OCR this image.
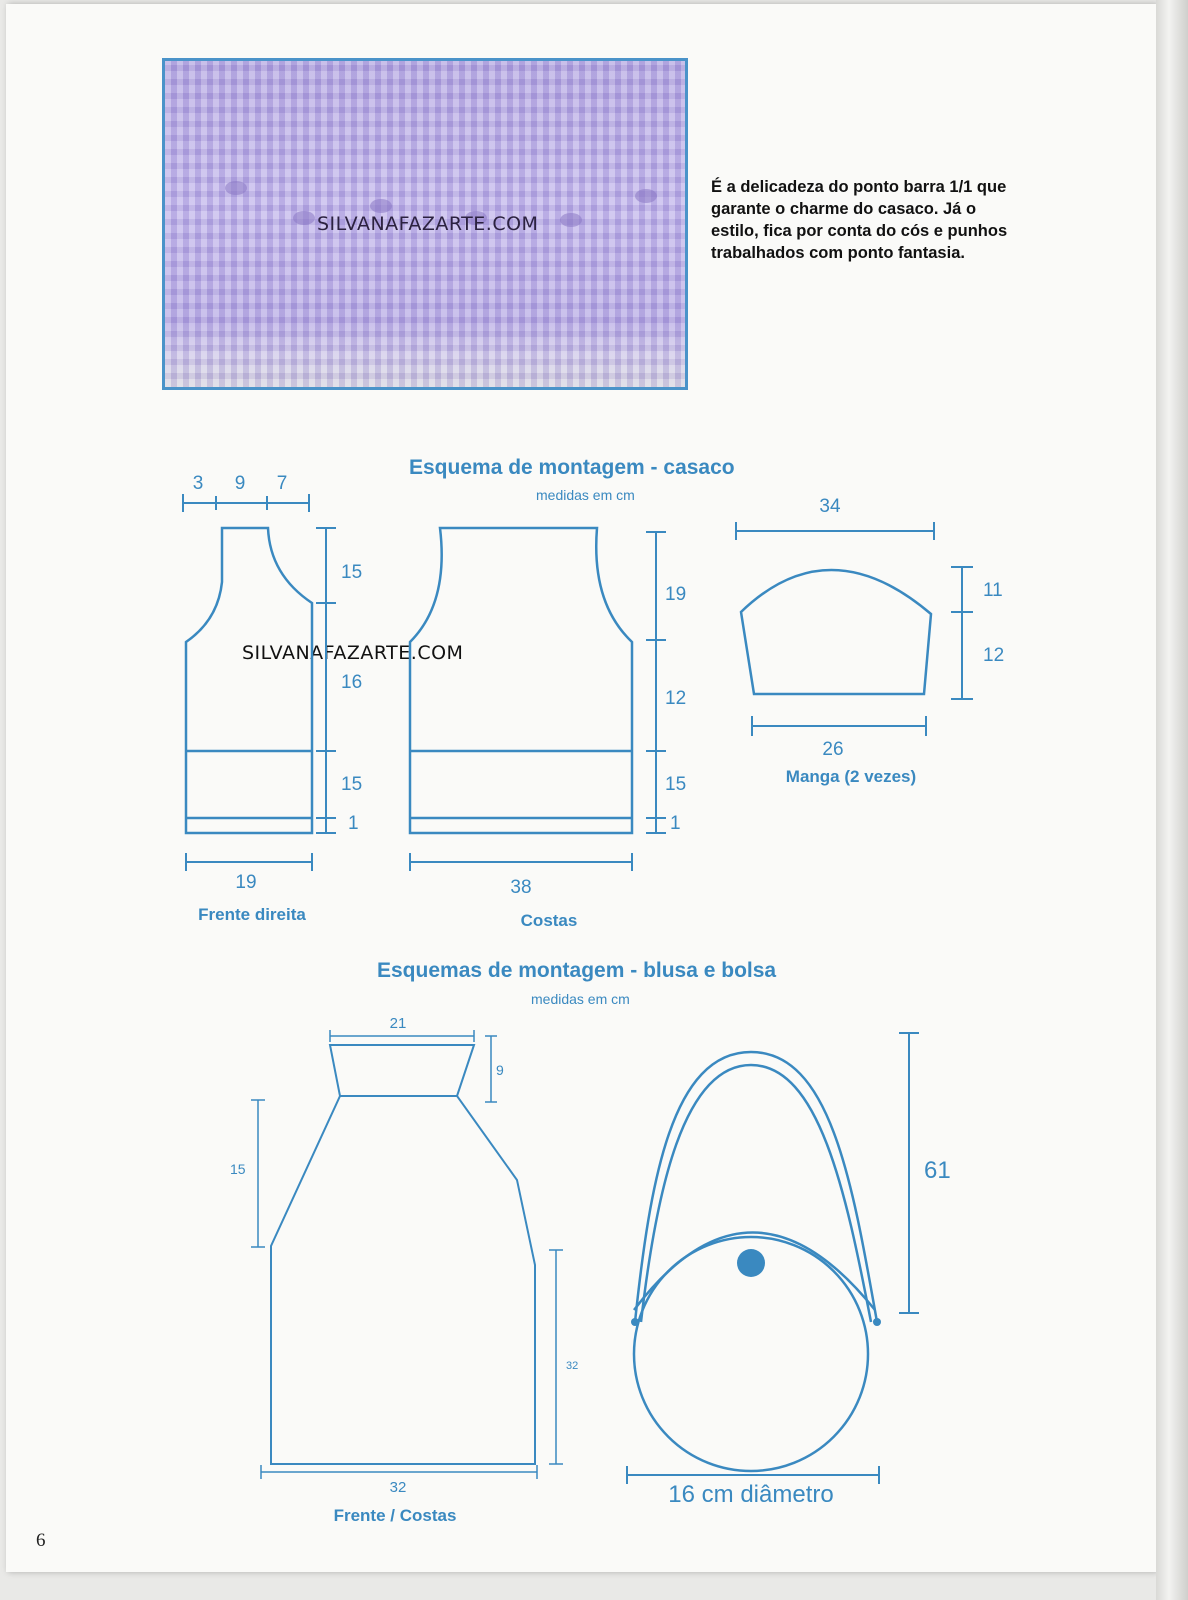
SILVANAFAZARTE.COM
É a delicadeza do ponto barra 1/1 que garante o charme do casaco. Já o estilo, fica por conta do cós e punhos trabalhados com ponto fantasia.
Esquema de montagem - casaco
medidas em cm
Esquemas de montagem - blusa e bolsa
medidas em cm
SILVANAFAZARTE.COM
3 9 7
15
16
15
1
19
Frente direita
19
12
15
1
38
Costas
34
11
12
26
Manga (2 vezes)
21
9
15
32
32
Frente / Costas
61
16 cm diâmetro
6
